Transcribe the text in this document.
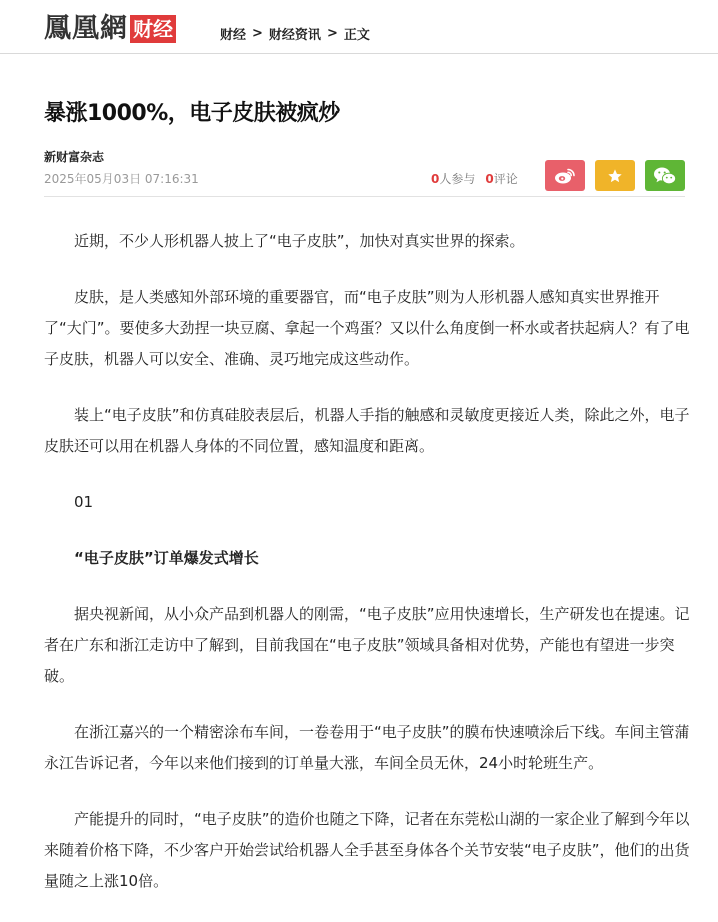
鳳凰網 财经	财经 > 财经资讯 > 正文
暴涨1000%，电子皮肤被疯炒
新财富杂志
2025年05月03日 07:16:31	0 人参与 0 评论

近期，不少人形机器人披上了“电子皮肤”，加快对真实世界的探索。

皮肤，是人类感知外部环境的重要器官，而“电子皮肤”则为人形机器人感知真实世界推开了“大门”。要使多大劲捏一块豆腐、拿起一个鸡蛋？又以什么角度倒一杯水或者扶起病人？有了电子皮肤，机器人可以安全、准确、灵巧地完成这些动作。

装上“电子皮肤”和仿真硅胶表层后，机器人手指的触感和灵敏度更接近人类，除此之外，电子皮肤还可以用在机器人身体的不同位置，感知温度和距离。

01

“电子皮肤”订单爆发式增长

据央视新闻，从小众产品到机器人的刚需，“电子皮肤”应用快速增长，生产研发也在提速。记者在广东和浙江走访中了解到，目前我国在“电子皮肤”领域具备相对优势，产能也有望进一步突破。

在浙江嘉兴的一个精密涂布车间，一卷卷用于“电子皮肤”的膜布快速喷涂后下线。车间主管蒲永江告诉记者，今年以来他们接到的订单量大涨，车间全员无休，24小时轮班生产。

产能提升的同时，“电子皮肤”的造价也随之下降，记者在东莞松山湖的一家企业了解到今年以来随着价格下降，不少客户开始尝试给机器人全手甚至身体各个关节安装“电子皮肤”，他们的出货量随之上涨10倍。
